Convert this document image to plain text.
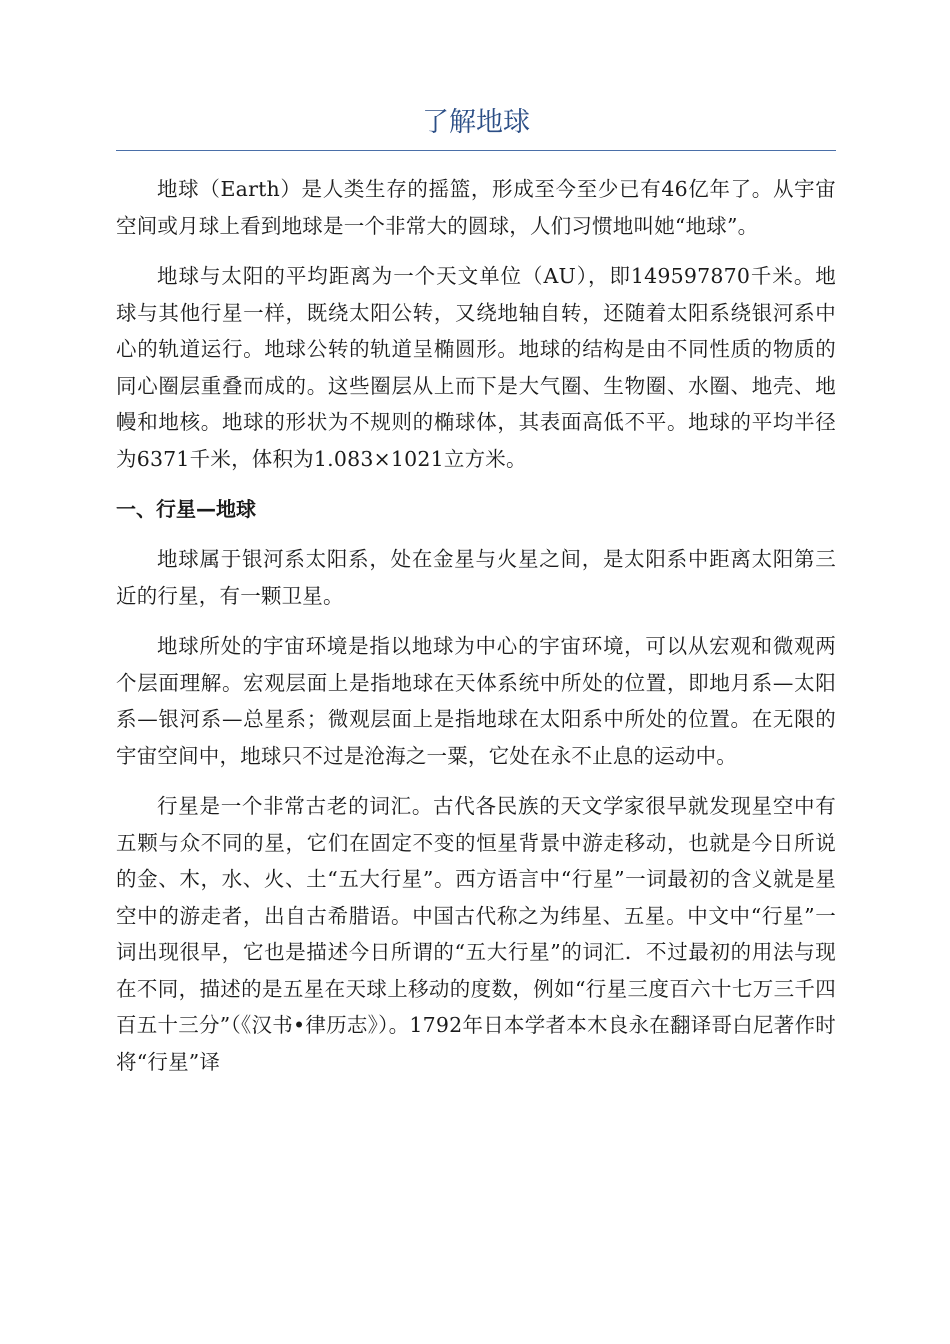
了解地球

地球（Earth）是人类生存的摇篮，形成至今至少已有46亿年了。从宇宙空间或月球上看到地球是一个非常大的圆球，人们习惯地叫她“地球”。

地球与太阳的平均距离为一个天文单位（AU），即149597870千米。地球与其他行星一样，既绕太阳公转，又绕地轴自转，还随着太阳系绕银河系中心的轨道运行。地球公转的轨道呈椭圆形。地球的结构是由不同性质的物质的同心圈层重叠而成的。这些圈层从上而下是大气圈、生物圈、水圈、地壳、地幔和地核。地球的形状为不规则的椭球体，其表面高低不平。地球的平均半径为6371千米，体积为1.083×1021立方米。

一、行星—地球

地球属于银河系太阳系，处在金星与火星之间，是太阳系中距离太阳第三近的行星，有一颗卫星。

地球所处的宇宙环境是指以地球为中心的宇宙环境，可以从宏观和微观两个层面理解。宏观层面上是指地球在天体系统中所处的位置，即地月系—太阳系—银河系—总星系；微观层面上是指地球在太阳系中所处的位置。在无限的宇宙空间中，地球只不过是沧海之一粟，它处在永不止息的运动中。

行星是一个非常古老的词汇。古代各民族的天文学家很早就发现星空中有五颗与众不同的星，它们在固定不变的恒星背景中游走移动，也就是今日所说的金、木，水、火、土“五大行星”。西方语言中“行星”一词最初的含义就是星空中的游走者，出自古希腊语。中国古代称之为纬星、五星。中文中“行星”一词出现很早，它也是描述今日所谓的“五大行星”的词汇．不过最初的用法与现在不同，描述的是五星在天球上移动的度数，例如“行星三度百六十七万三千四百五十三分”（《汉书•律历志》）。1792年日本学者本木良永在翻译哥白尼著作时将“行星”译
